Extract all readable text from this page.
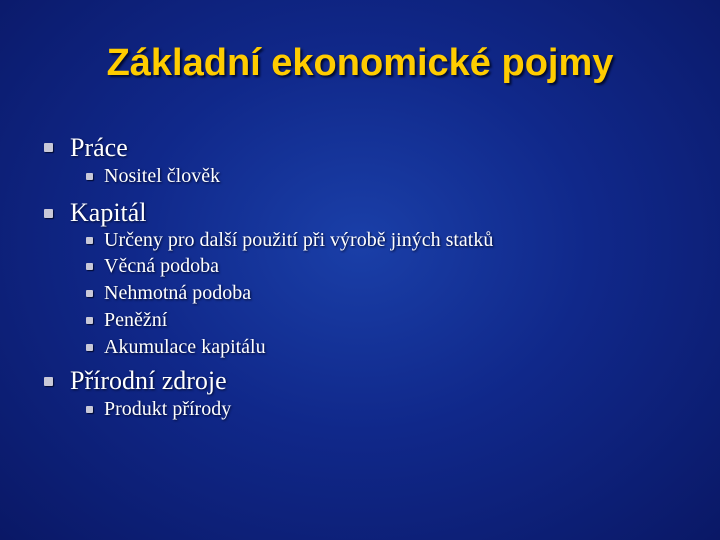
Základní ekonomické pojmy
Práce
Nositel člověk
Kapitál
Určeny pro další použití při výrobě jiných statků
Věcná podoba
Nehmotná podoba
Peněžní
Akumulace kapitálu
Přírodní zdroje
Produkt přírody
